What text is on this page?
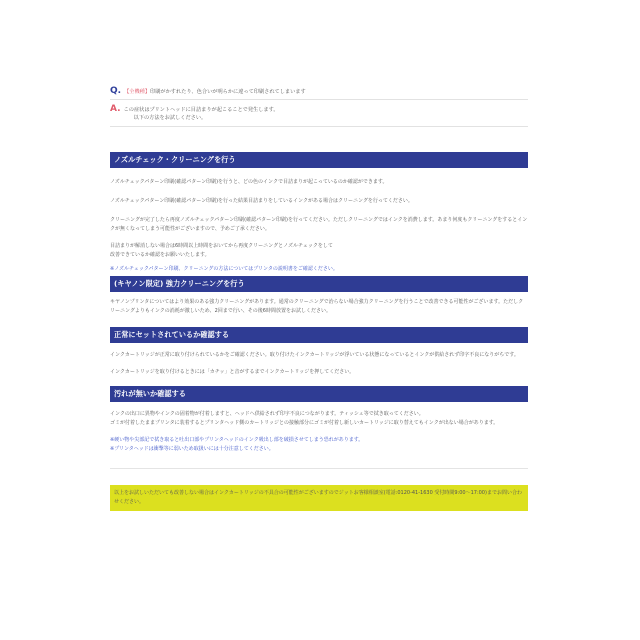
Q. 【全機種】印刷がかすれたり、色合いが明らかに違って印刷されてしまいます
A. この症状はプリントヘッドに目詰まりが起こることで発生します。
以下の方法をお試しください。
ノズルチェック・クリーニングを行う

ノズルチェックパターン印刷(確認パターン印刷)を行うと、どの色のインクで目詰まりが起こっているのか確認ができます。

ノズルチェックパターン印刷(確認パターン印刷)を行った結果目詰まりをしているインクがある場合はクリーニングを行ってください。

クリーニングが完了したら再度ノズルチェックパターン印刷(確認パターン印刷)を行ってください。ただしクリーニングではインクを消費します。あまり何度もクリーニングをするとインクが無くなってしまう可能性がございますので、予めご了承ください。

目詰まりが解消しない場合は6時間以上時間をおいてから再度クリーニングとノズルチェックをして
改善できているか確認をお願いいたします。

※ノズルチェックパターン印刷、クリーニングの方法についてはプリンタの説明書をご確認ください。

(キヤノン限定) 強力クリーニングを行う

キヤノンプリンタについてはより効果のある強力クリーニングがあります。通常のクリーニングで治らない場合強力クリーニングを行うことで改善できる可能性がございます。ただしクリーニングよりもインクの消耗が激しいため、2回まで行い、その後6時間放置をお試しください。

正常にセットされているか確認する

インクカートリッジが正常に取り付けられているかをご確認ください。取り付けたインクカートリッジが浮いている状態になっているとインクが供給されず印字不良になりがちです。

インクカートリッジを取り付けるときには「カチッ」と音がするまでインクカートリッジを押してください。

汚れが無いか確認する

インクの出口に異物やインクの固着物が付着しますと、ヘッドへ供給されず印字不良につながります。ティッシュ等で拭き取ってください。
ゴミが付着したままプリンタに装着するとプリンタヘッド側のカートリッジとの接触部分にゴミが付着し新しいカートリッジに取り替えてもインクが出ない場合があります。

※硬い物や尖部記で拭き取ると吐出口部やプリンタヘッドのインク吸出し部を破損させてしまう恐れがあります。

※プリンタヘッドは衝撃等に弱いため取扱いには十分注意してください。

以上をお試しいただいても改善しない場合はインクカートリッジの不具合の可能性がございますのでジットお客様相談室(電話:0120-41-1630 受付時間9:00〜17:00)までお問い合わせください。
